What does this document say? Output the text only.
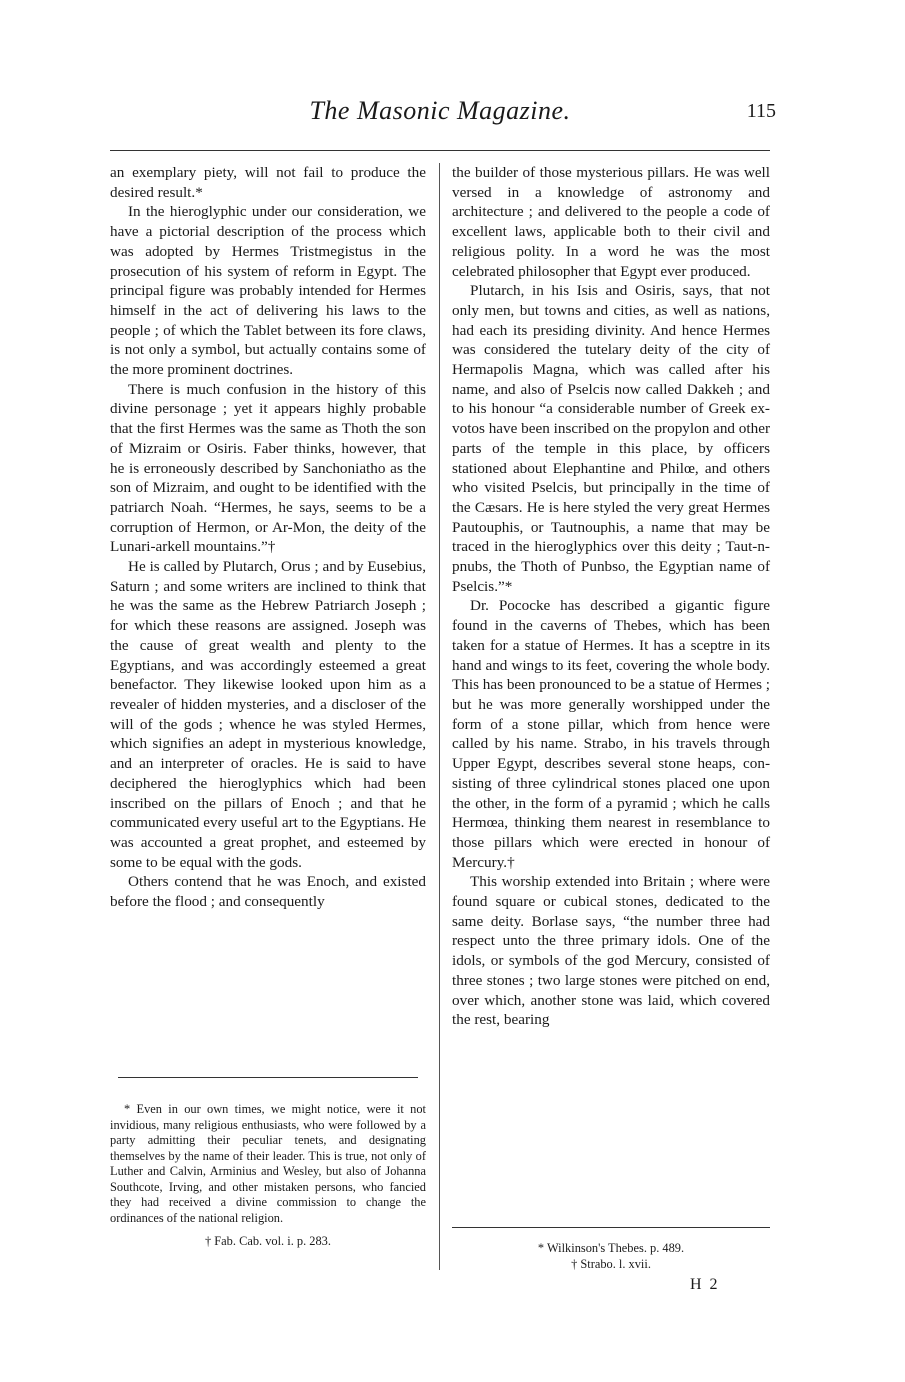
The Masonic Magazine.	115

an exemplary piety, will not fail to produce the desired result.*

In the hieroglyphic under our consideration, we have a pictorial description of the process which was adopted by Hermes Tristmegistus in the prosecution of his system of reform in Egypt. The principal figure was probably intended for Hermes himself in the act of delivering his laws to the people ; of which the Tablet between its fore claws, is not only a symbol, but actually contains some of the more prominent doctrines.

There is much confusion in the history of this divine personage ; yet it appears highly probable that the first Hermes was the same as Thoth the son of Mizraim or Osiris. Faber thinks, however, that he is erroneously described by Sanchoniatho as the son of Mizraim, and ought to be identified with the patriarch Noah. “Hermes, he says, seems to be a corruption of Hermon, or Ar-Mon, the deity of the Lunari-arkell mountains.”†

He is called by Plutarch, Orus ; and by Eusebius, Saturn ; and some writers are inclined to think that he was the same as the Hebrew Patriarch Joseph ; for which these reasons are assigned. Joseph was the cause of great wealth and plenty to the Egyptians, and was accordingly esteemed a great benefactor. They likewise looked upon him as a revealer of hidden mysteries, and a discloser of the will of the gods ; whence he was styled Hermes, which signifies an adept in mysterious knowledge, and an interpreter of oracles. He is said to have deciphered the hieroglyphics which had been inscribed on the pillars of Enoch ; and that he communicated every useful art to the Egyptians. He was accounted a great prophet, and esteemed by some to be equal with the gods.

Others contend that he was Enoch, and existed before the flood ; and consequently

the builder of those mysterious pillars. He was well versed in a knowledge of astronomy and architecture ; and delivered to the people a code of excellent laws, applicable both to their civil and religious polity. In a word he was the most celebrated philosopher that Egypt ever produced.

Plutarch, in his Isis and Osiris, says, that not only men, but towns and cities, as well as nations, had each its presiding divinity. And hence Hermes was considered the tutelary deity of the city of Hermapolis Magna, which was called after his name, and also of Pselcis now called Dakkeh ; and to his honour “a considerable number of Greek ex-votos have been inscribed on the propylon and other parts of the temple in this place, by officers stationed about Elephantine and Philœ, and others who visited Pselcis, but principally in the time of the Cæsars. He is here styled the very great Hermes Pautouphis, or Tautnouphis, a name that may be traced in the hieroglyphics over this deity ; Taut-n-pnubs, the Thoth of Punbso, the Egyptian name of Pselcis.”*

Dr. Pococke has described a gigantic figure found in the caverns of Thebes, which has been taken for a statue of Hermes. It has a sceptre in its hand and wings to its feet, covering the whole body. This has been pronounced to be a statue of Hermes ; but he was more generally worshipped under the form of a stone pillar, which from hence were called by his name. Strabo, in his travels through Upper Egypt, describes several stone heaps, consisting of three cylindrical stones placed one upon the other, in the form of a pyramid ; which he calls Hermœa, thinking them nearest in resemblance to those pillars which were erected in honour of Mercury.†

This worship extended into Britain ; where were found square or cubical stones, dedicated to the same deity. Borlase says, “the number three had respect unto the three primary idols. One of the idols, or symbols of the god Mercury, consisted of three stones ; two large stones were pitched on end, over which, another stone was laid, which covered the rest, bearing

* Even in our own times, we might notice, were it not invidious, many religious enthusiasts, who were followed by a party admitting their peculiar tenets, and designating themselves by the name of their leader. This is true, not only of Luther and Calvin, Arminius and Wesley, but also of Johanna Southcote, Irving, and other mistaken persons, who fancied they had received a divine commission to change the ordinances of the national religion.

† Fab. Cab. vol. i. p. 283.	* Wilkinson's Thebes. p. 489.

† Strabo. l. xvii.

H 2
